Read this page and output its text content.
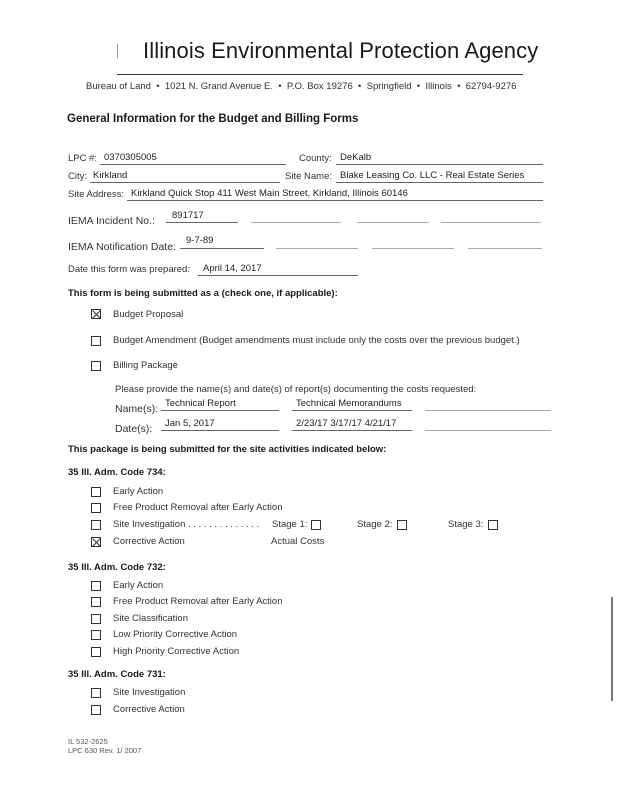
Illinois Environmental Protection Agency
Bureau of Land  •  1021 N. Grand Avenue E.  •  P.O. Box 19276  •  Springfield  •  Illinois  •  62794-9276
General Information for the Budget and Billing Forms
LPC #: 0370305005	County: DeKalb
City: Kirkland	Site Name: Blake Leasing Co. LLC - Real Estate Series
Site Address: Kirkland Quick Stop 411 West Main Street, Kirkland, Illinois 60146
IEMA Incident No.: 891717
IEMA Notification Date:
9-7-89
Date this form was prepared: April 14, 2017
This form is being submitted as a (check one, if applicable):
Budget Proposal
Budget Amendment (Budget amendments must include only the costs over the previous budget.)
Billing Package
Please provide the name(s) and date(s) of report(s) documenting the costs requested:
Name(s): Technical Report	Technical Memorandums
Date(s): Jan 5, 2017	2/23/17 3/17/17 4/21/17
This package is being submitted for the site activities indicated below:
35 Ill. Adm. Code 734:
Early Action
Free Product Removal after Early Action
Site Investigation . . . . . . . . . . . . . . Stage 1:	Stage 2:	Stage 3:
Corrective Action	Actual Costs
35 Ill. Adm. Code 732:
Early Action
Free Product Removal after Early Action
Site Classification
Low Priority Corrective Action
High Priority Corrective Action
35 Ill. Adm. Code 731:
Site Investigation
Corrective Action
IL 532-2625
LPC 630 Rev. 1/ 2007
